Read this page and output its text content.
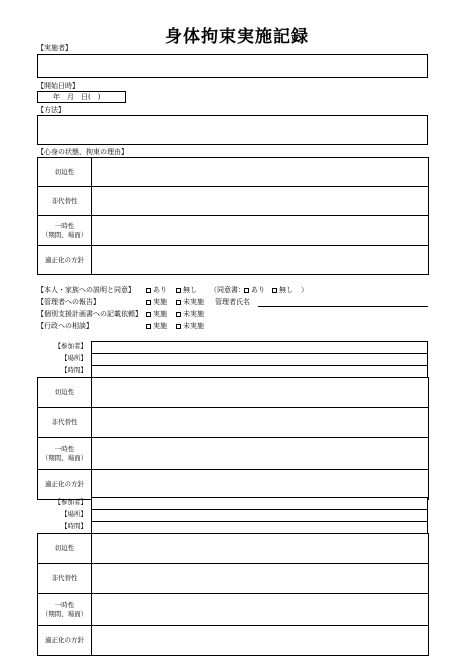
身体拘束実施記録
【実施者】
【開始日時】
年　月　日(　)
【方法】
【心身の状態、拘束の理由】
切迫性	
非代替性	

一時性
（期間、場面）	

適正化の方針	
【本人・家族への説明と同意】	あり	無し （同意書： あり	無し ）
【管理者への報告】	実施	未実施 管理者氏名
【個別支援計画書への記載依頼】	実施	未実施
【行政への相談】	実施	未実施
【参加者】
【場所】
【時間】

切迫性	
非代替性	

一時性
（期間、場面）	

適正化の方針	
【参加者】
【場所】
【時間】

切迫性	
非代替性	

一時性
（期間、場面）	

適正化の方針	
